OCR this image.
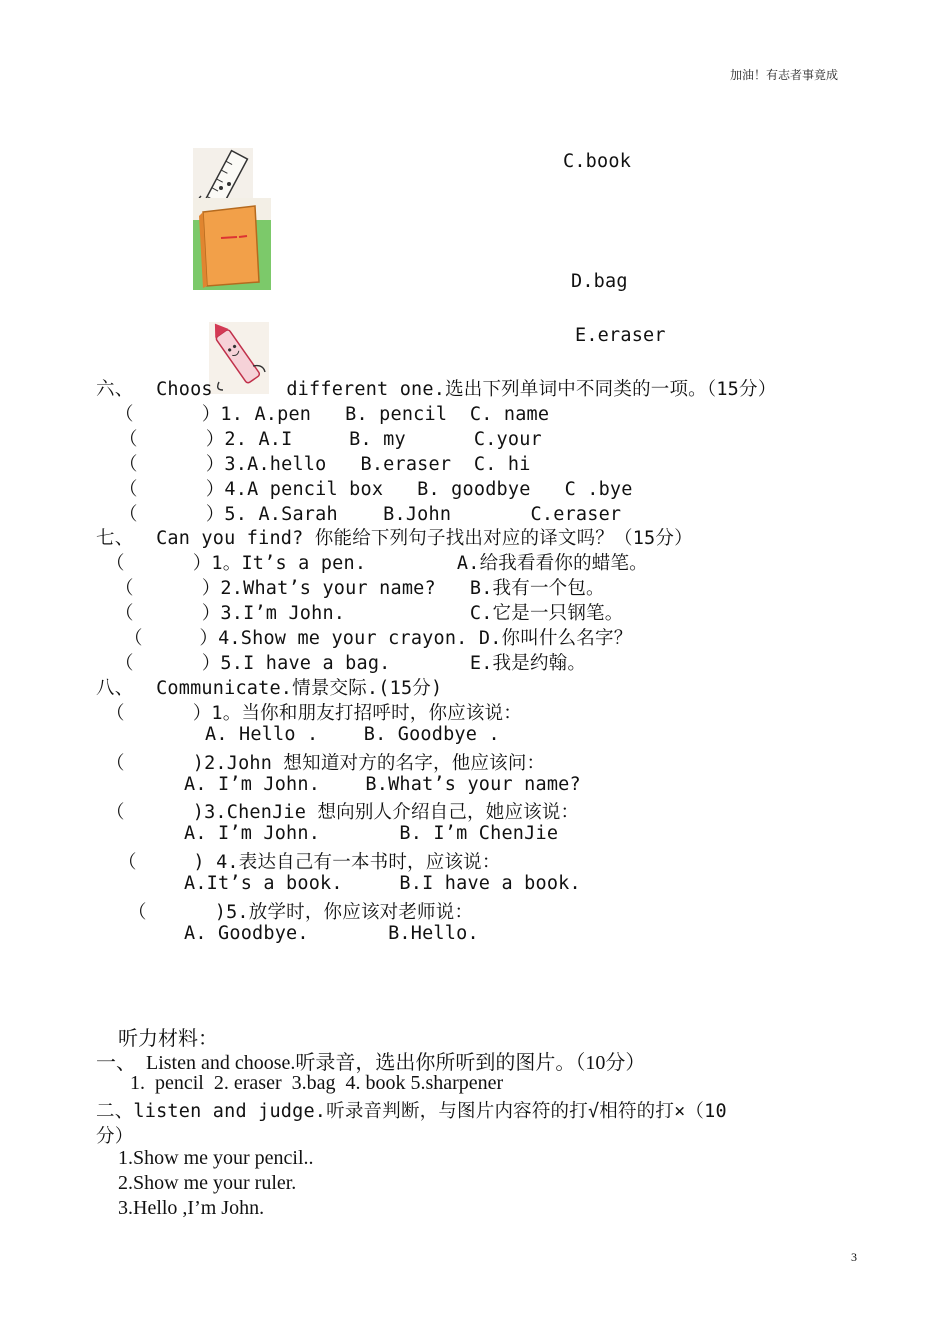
加油！有志者事竟成
C.book
D.bag
E.eraser
六、  Choos	different one.选出下列单词中不同类的一项。（15分）
（      ）1. A.pen   B. pencil  C. name
（      ）2. A.I     B. my      C.your
（      ）3.A.hello   B.eraser  C. hi
（      ）4.A pencil box   B. goodbye   C .bye
（      ）5. A.Sarah    B.John       C.eraser
七、  Can you find? 你能给下列句子找出对应的译文吗？（15分）
（      ）1。It’s a pen.        A.给我看看你的蜡笔。
（      ）2.What’s your name?   B.我有一个包。
（      ）3.I’m John.           C.它是一只钢笔。
（     ）4.Show me your crayon. D.你叫什么名字？
（      ）5.I have a bag.       E.我是约翰。
八、  Communicate.情景交际.(15分)
（      ）1。当你和朋友打招呼时，你应该说：
A. Hello .    B. Goodbye .
（      )2.John 想知道对方的名字，他应该问：
A. I’m John.    B.What’s your name?
（      )3.ChenJie 想向别人介绍自己，她应该说：
A. I’m John.       B. I’m ChenJie
（     ) 4.表达自己有一本书时，应该说：
A.It’s a book.     B.I have a book.
（      )5.放学时，你应该对老师说：
A. Goodbye.       B.Hello.
听力材料：
一、  Listen and choose.听录音，选出你所听到的图片。（10分）
1.  pencil  2. eraser  3.bag  4. book 5.sharpener
二、listen and judge.听录音判断，与图片内容符的打√相符的打×（10
分）
1.Show me your pencil..
2.Show me your ruler.
3.Hello ,I’m John.
3
